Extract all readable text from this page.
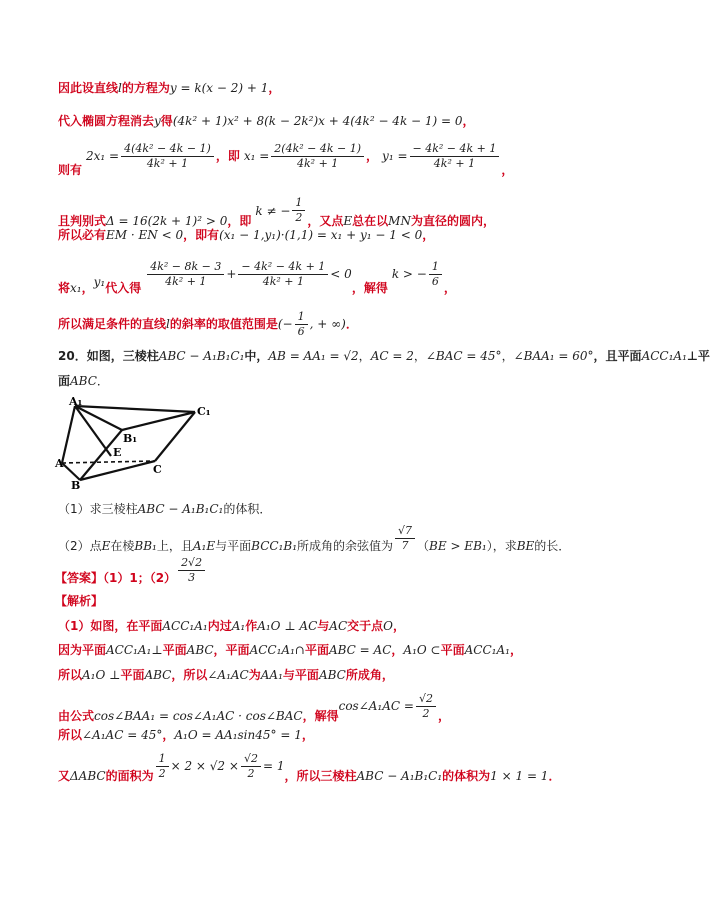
因此设直线l的方程为y = k(x − 2) + 1，
代入椭圆方程消去y得(4k² + 1)x² + 8(k − 2k²)x + 4(4k² − 4k − 1) = 0，
则有 $2x_1 = \frac{\text{4(4k² − 4k − 1)}}{\text{4k² + 1}}$ ，即 $x_1 = \frac{\text{2(4k² − 4k − 1)}}{\text{4k² + 1}}$ ， $y_1 = \frac{\text{− 4k² − 4k + 1}}{\text{4k² + 1}}$ ，
且判别式Δ = 16(2k + 1)² > 0，即 k ≠ − $\frac{1}{2}$ ，又点E总在以MN为直径的圆内，
所以必有EM · EN < 0，即有(x₁ − 1,y₁)·(1,1) = x₁ + y₁ − 1 < 0，
将x₁，y₁代入得 $\frac{\text{4k² − 8k − 3}}{\text{4k² + 1}} + \frac{\text{− 4k² − 4k + 1}}{\text{4k² + 1}} < 0$，解得 k > − $\frac{1}{6}$ ，
所以满足条件的直线l的斜率的取值范围是(− $\frac{1}{6}$ , + ∞)．
20．如图，三棱柱ABC − A₁B₁C₁中，AB = AA₁ = √2，AC = 2，∠BAC = 45°，∠BAA₁ = 60°，且平面ACC₁A₁⊥平
面ABC．
A₁
C₁
B₁
E
A	C
B
（1）求三棱柱ABC − A₁B₁C₁的体积．
（2）点E在棱BB₁上，且A₁E与平面BCC₁B₁所成角的余弦值为 $\frac{√7}{7} (BE > EB_1)$，求BE的长．
【答案】（1）1；$(2) \frac{2√2}{3}$
【解析】
（1）如图，在平面ACC₁A₁内过A₁作A₁O ⊥ AC与AC交于点O，
因为平面ACC₁A₁⊥平面ABC，平面ACC₁A₁∩平面ABC = AC，A₁O ⊂平面ACC₁A₁，
所以A₁O ⊥平面ABC，所以∠A₁AC为AA₁与平面ABC所成角，
由公式cos∠BAA₁ = cos∠A₁AC · cos∠BAC，解得cos∠A₁AC = $\frac{√2}{2}$ ，
所以∠A₁AC = 45°，A₁O = AA₁sin45° = 1，
又ΔABC的面积为 $\frac{1}{2} \times 2 \times √2 \times \frac{√2}{2} = 1$，所以三棱柱ABC − A₁B₁C₁的体积为1 × 1 = 1．
